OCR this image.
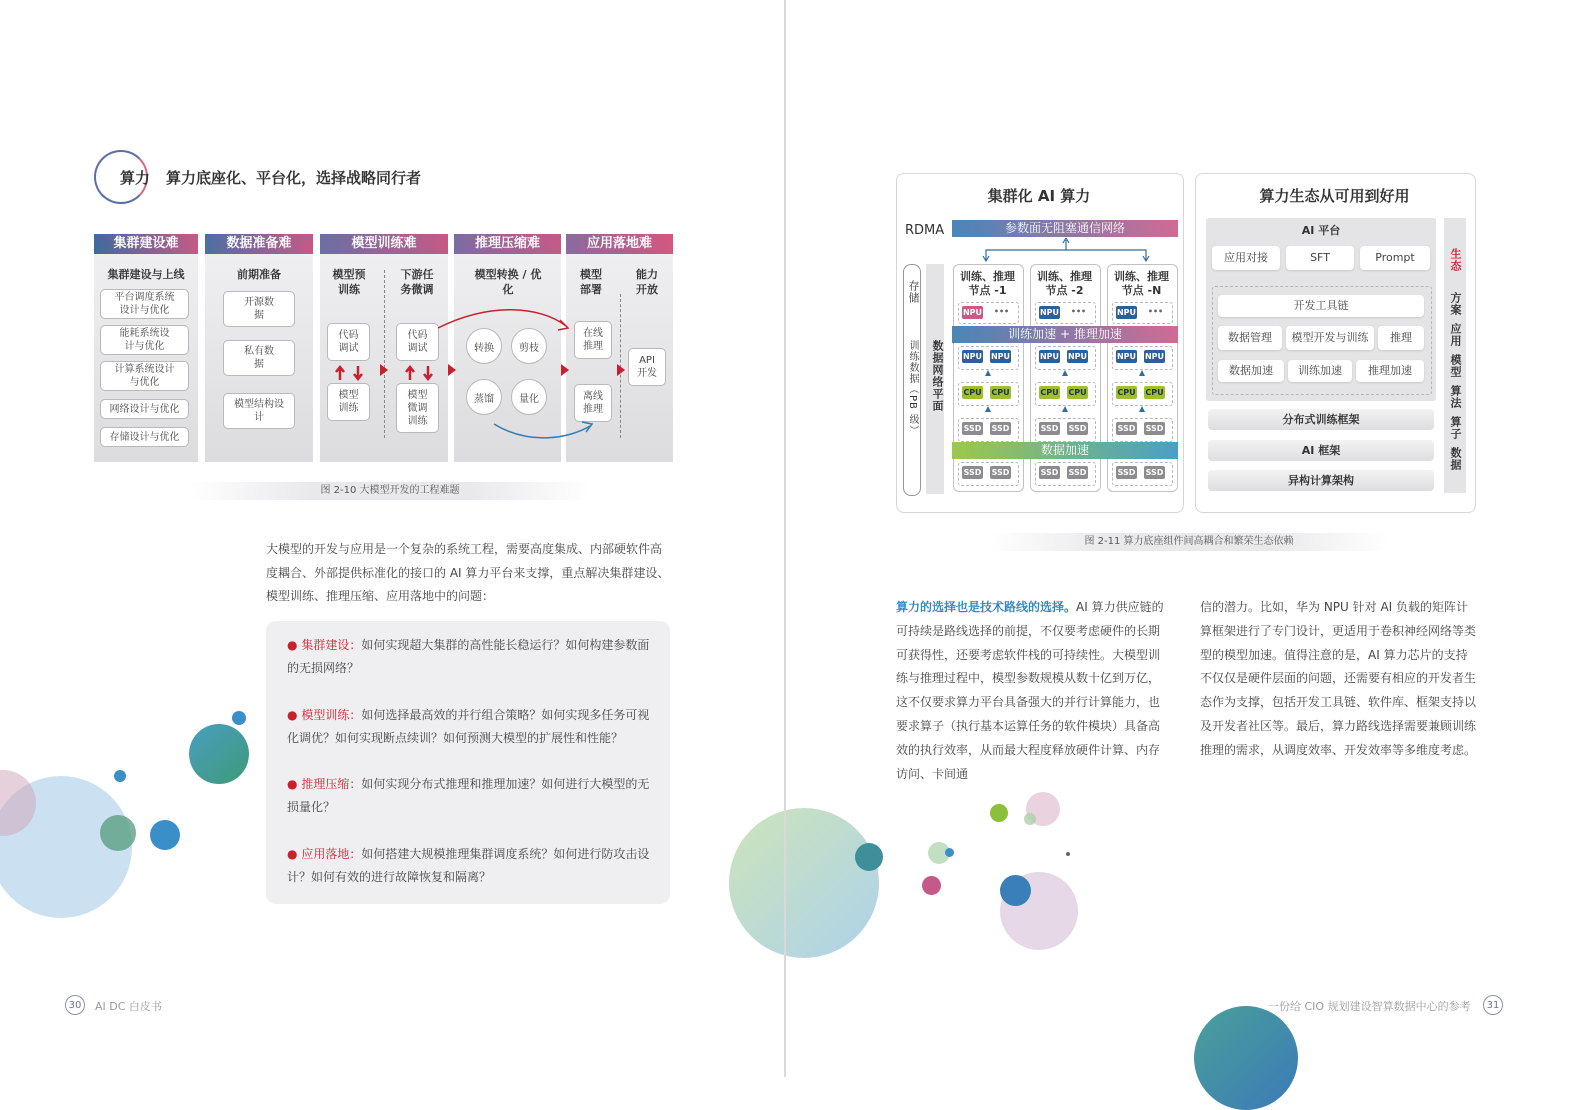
算力 算力底座化、平台化，选择战略同行者
集群建设难
集群建设与上线
平台调度系统设计与优化
能耗系统设计与优化
计算系统设计与优化
网络设计与优化
存储设计与优化
数据准备难
前期准备
开源数据
私有数据
模型结构设计
模型训练难
模型预训练
下游任务微调
代码调试
模型训练
代码调试
模型微调训练
推理压缩难
模型转换 / 优化
转换	剪枝
蒸馏	量化
应用落地难
模型部署
能力开放
在线推理
离线推理
API开发
图 2-10 大模型开发的工程难题
大模型的开发与应用是一个复杂的系统工程，需要高度集成、内部硬软件高度耦合、外部提供标准化的接口的 AI 算力平台来支撑，重点解决集群建设、模型训练、推理压缩、应用落地中的问题：
● 集群建设：如何实现超大集群的高性能长稳运行？如何构建参数面的无损网络？
● 模型训练：如何选择最高效的并行组合策略？如何实现多任务可视化调优？如何实现断点续训？如何预测大模型的扩展性和性能？
● 推理压缩：如何实现分布式推理和推理加速？如何进行大模型的无损量化？
● 应用落地：如何搭建大规模推理集群调度系统？如何进行防攻击设计？如何有效的进行故障恢复和隔离？
30	AI DC 白皮书
集群化 AI 算力
RDMA	参数面无阻塞通信网络
存储
训练数据（PB 级） 数据网络平面
训练、推理节点 -1
训练、推理节点 -2
训练、推理节点 -N
训练加速 + 推理加速
数据加速
NPU	•••
NPU NPU
CPU CPU
SSD SSD
SSD SSD
NPU	•••
NPU NPU
CPU CPU
SSD SSD
SSD SSD
NPU	•••
NPU NPU
CPU CPU
SSD SSD
SSD SSD
算力生态从可用到好用
AI 平台
应用对接	SFT	Prompt
开发工具链
数据管理	模型开发与训练	推理
数据加速	训练加速	推理加速
分布式训练框架
AI 框架
异构计算架构
生态
方案
应用
模型
算法
算子
数据
图 2-11 算力底座组件间高耦合和繁荣生态依赖
算力的选择也是技术路线的选择。AI 算力供应链的可持续是路线选择的前提，不仅要考虑硬件的长期可获得性，还要考虑软件栈的可持续性。大模型训练与推理过程中，模型参数规模从数十亿到万亿，这不仅要求算力平台具备强大的并行计算能力，也要求算子（执行基本运算任务的软件模块）具备高效的执行效率，从而最大程度释放硬件计算、内存访问、卡间通
信的潜力。比如，华为 NPU 针对 AI 负载的矩阵计算框架进行了专门设计，更适用于卷积神经网络等类型的模型加速。值得注意的是，AI 算力芯片的支持不仅仅是硬件层面的问题，还需要有相应的开发者生态作为支撑，包括开发工具链、软件库、框架支持以及开发者社区等。最后，算力路线选择需要兼顾训练推理的需求，从调度效率、开发效率等多维度考虑。
一份给 CIO 规划建设智算数据中心的参考	31
